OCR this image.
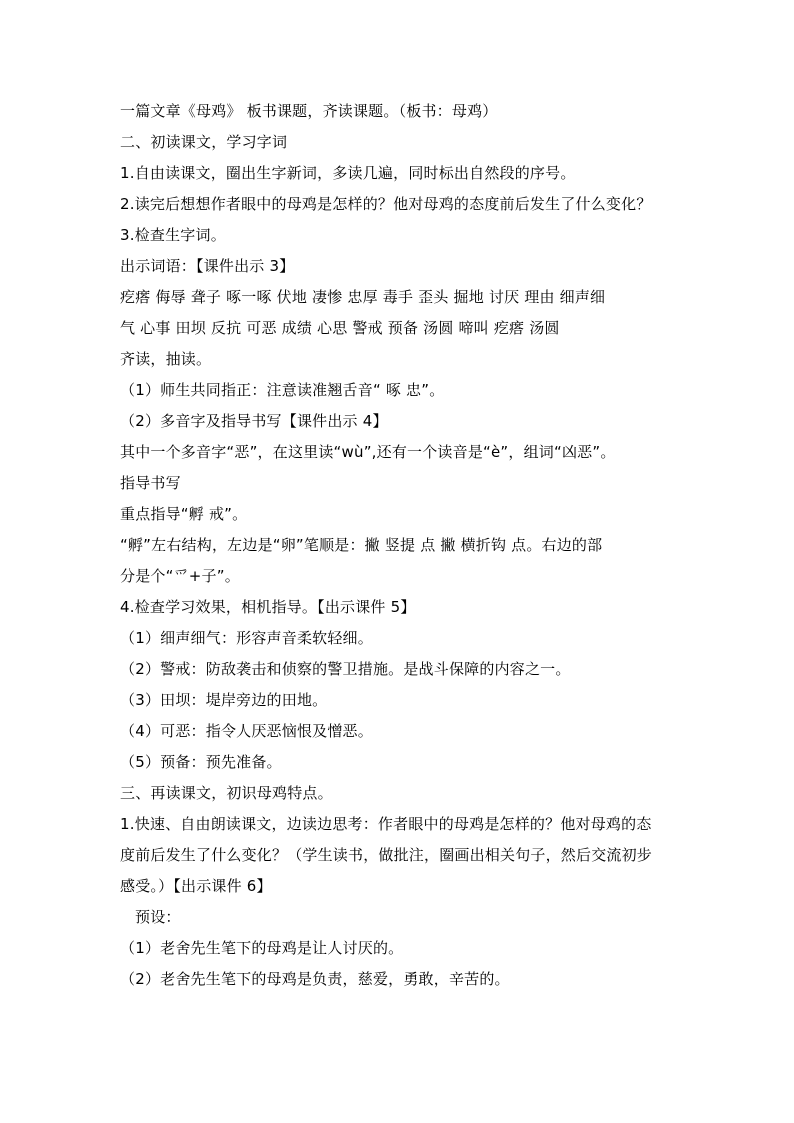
一篇文章《母鸡》 板书课题，齐读课题。（板书：母鸡）
二、初读课文，学习字词
1.自由读课文，圈出生字新词，多读几遍，同时标出自然段的序号。
2.读完后想想作者眼中的母鸡是怎样的？他对母鸡的态度前后发生了什么变化？
3.检查生字词。
出示词语：【课件出示 3】
疙瘩 侮辱 聋子 啄一啄 伏地 凄惨 忠厚 毒手 歪头 掘地 讨厌 理由 细声细
气 心事 田坝 反抗 可恶 成绩 心思 警戒 预备 汤圆 啼叫 疙瘩 汤圆
齐读，抽读。
（1）师生共同指正：注意读准翘舌音“ 啄 忠”。
（2）多音字及指导书写【课件出示 4】
其中一个多音字“恶”，在这里读“wù”,还有一个读音是“è”，组词“凶恶”。
指导书写
重点指导“孵 戒”。
“孵”左右结构，左边是“卵”笔顺是：撇 竖提 点 撇 横折钩 点。右边的部
分是个“爫+子”。
4.检查学习效果，相机指导。【出示课件 5】
（1）细声细气：形容声音柔软轻细。
（2）警戒：防敌袭击和侦察的警卫措施。是战斗保障的内容之一。
（3）田坝：堤岸旁边的田地。
（4）可恶：指令人厌恶恼恨及憎恶。
（5）预备：预先准备。
三、再读课文，初识母鸡特点。
1.快速、自由朗读课文，边读边思考：作者眼中的母鸡是怎样的？他对母鸡的态
度前后发生了什么变化？（学生读书，做批注，圈画出相关句子，然后交流初步
感受。）【出示课件 6】
预设：
（1）老舍先生笔下的母鸡是让人讨厌的。
（2）老舍先生笔下的母鸡是负责，慈爱，勇敢，辛苦的。
